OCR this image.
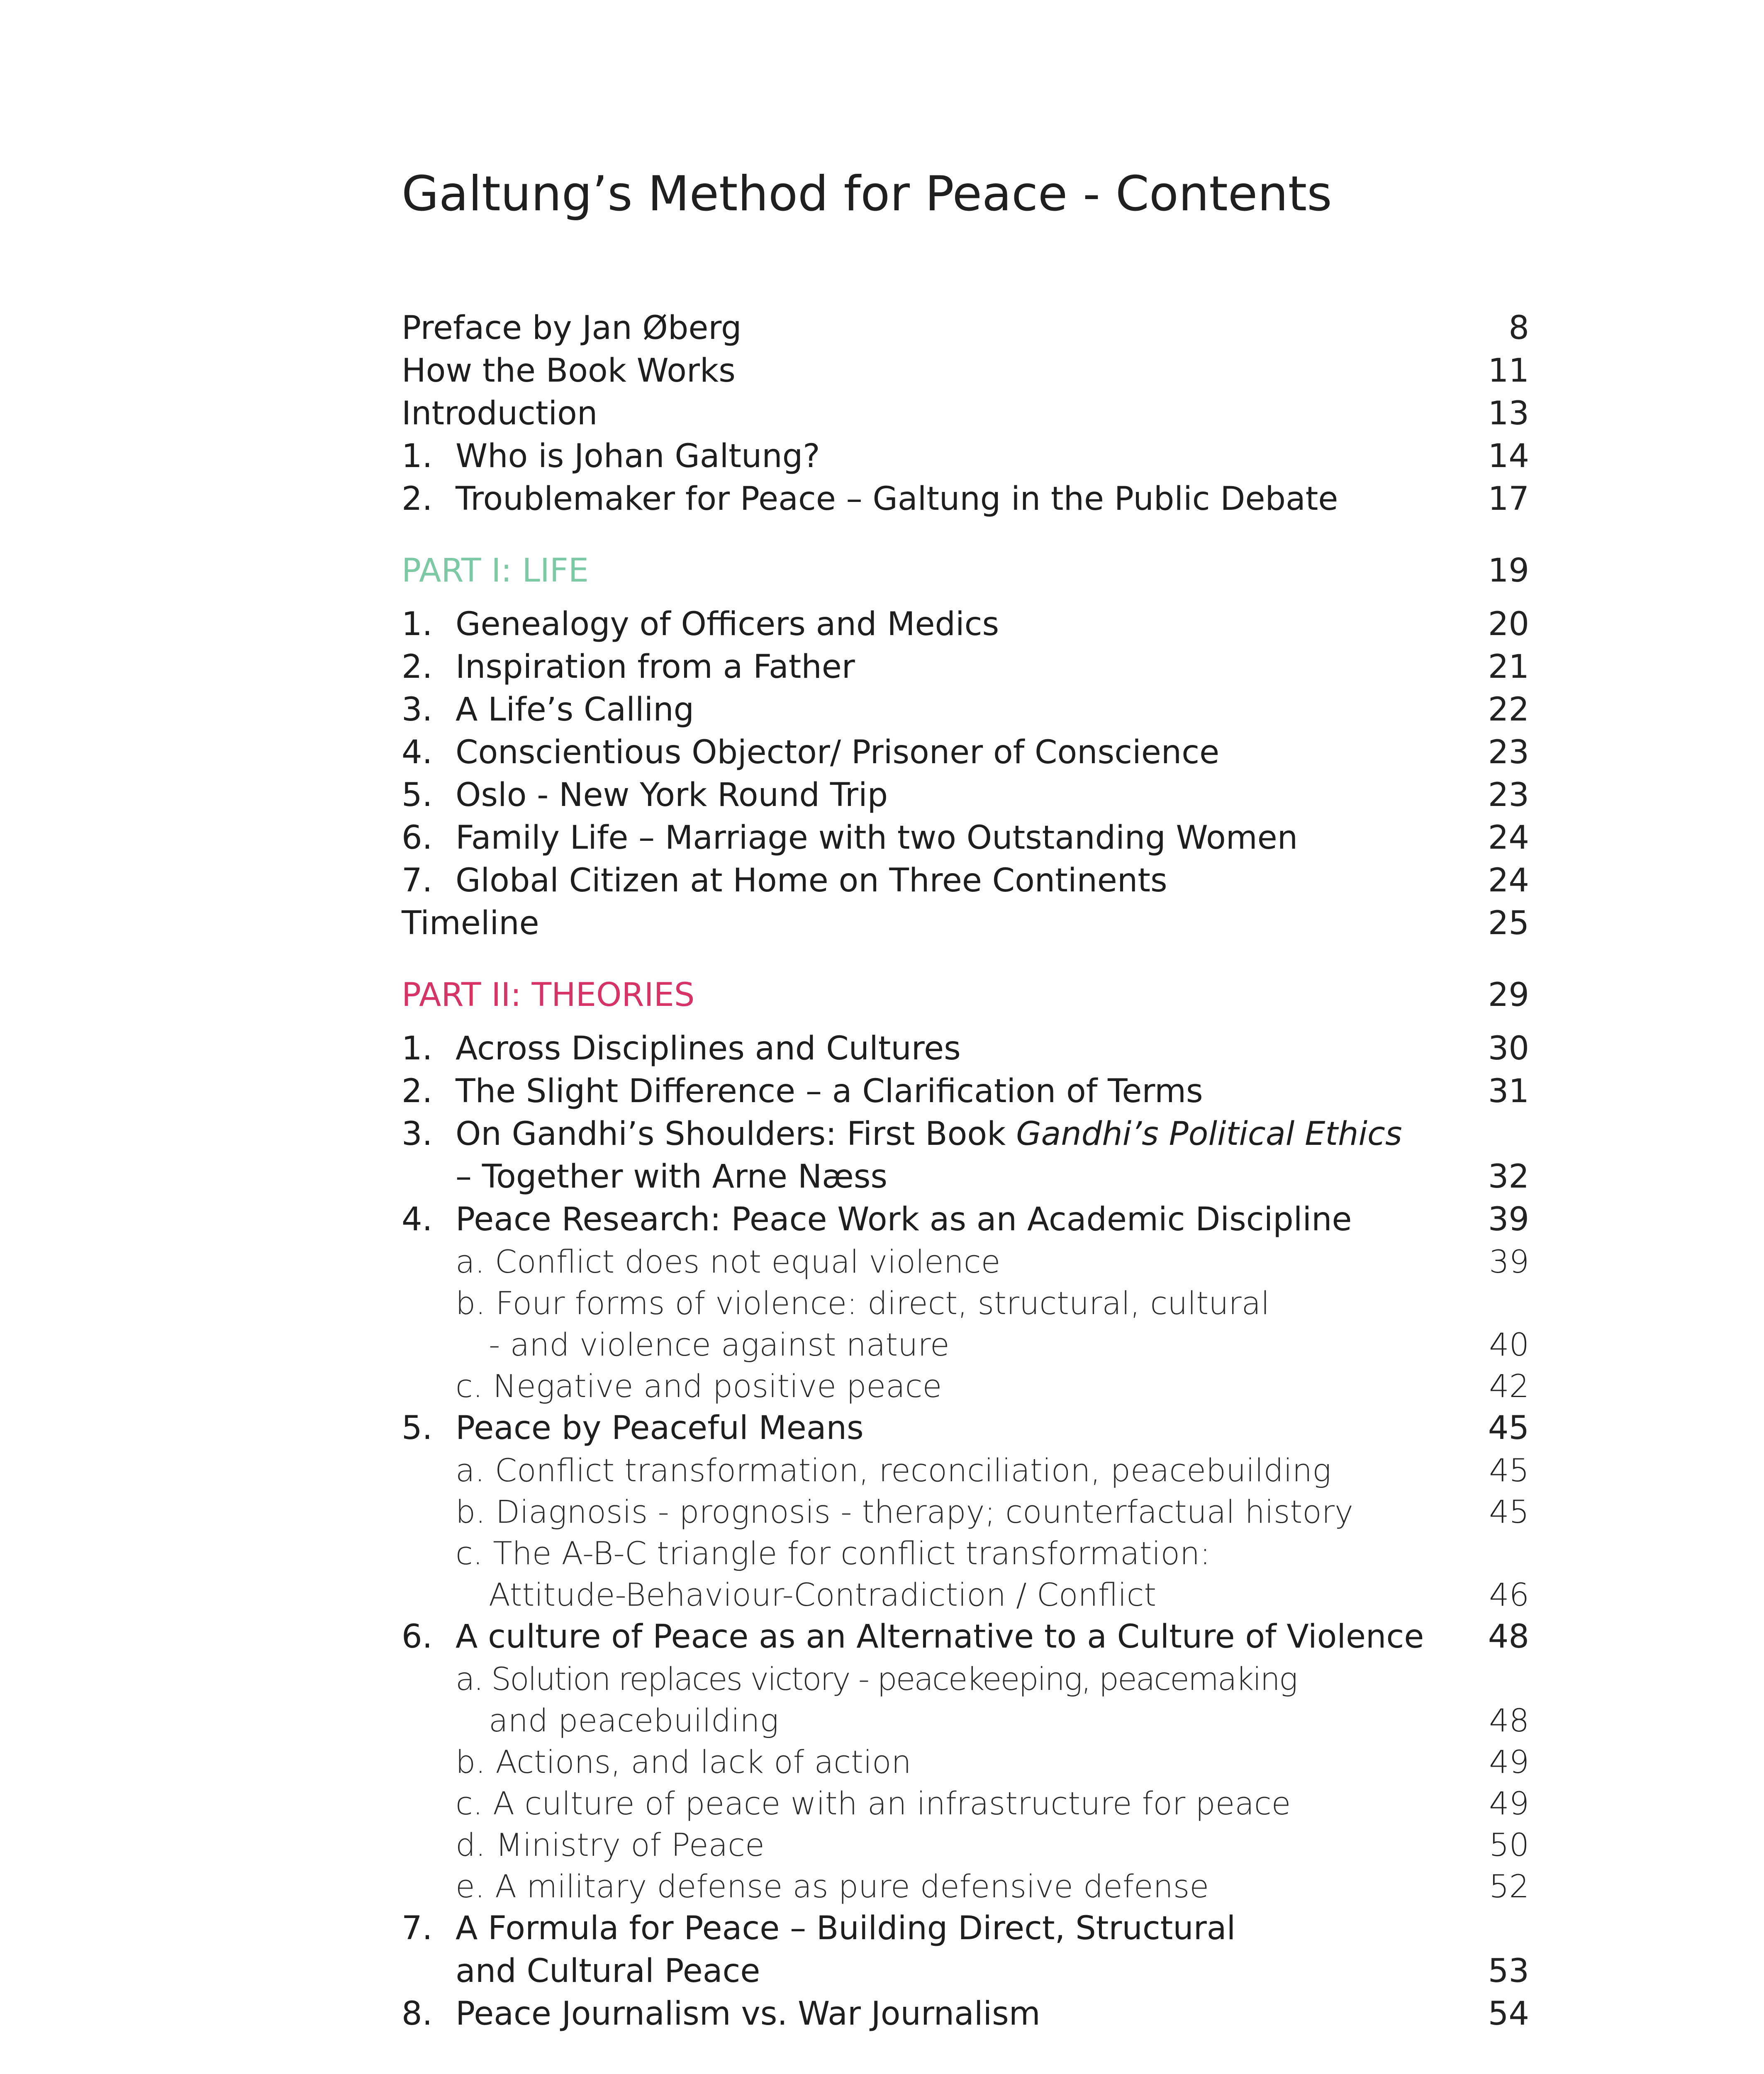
Galtung’s Method for Peace - Contents
Preface by Jan Øberg	8
How the Book Works	11
Introduction	13
1. Who is Johan Galtung?	14
2. Troublemaker for Peace – Galtung in the Public Debate	17
PART I: LIFE	19
1. Genealogy of Officers and Medics	20
2. Inspiration from a Father	21
3. A Life’s Calling	22
4. Conscientious Objector/ Prisoner of Conscience	23
5. Oslo - New York Round Trip	23
6. Family Life – Marriage with two Outstanding Women	24
7. Global Citizen at Home on Three Continents	24
Timeline	25
PART II: THEORIES	29
1. Across Disciplines and Cultures	30
2. The Slight Difference – a Clarification of Terms	31
3. On Gandhi’s Shoulders: First Book Gandhi’s Political Ethics
– Together with Arne Næss	32
4. Peace Research: Peace Work as an Academic Discipline	39
a. Conflict does not equal violence	39
b. Four forms of violence: direct, structural, cultural
- and violence against nature	40
c. Negative and positive peace	42
5. Peace by Peaceful Means	45
a. Conflict transformation, reconciliation, peacebuilding	45
b. Diagnosis - prognosis - therapy; counterfactual history	45
c. The A-B-C triangle for conflict transformation:
Attitude-Behaviour-Contradiction / Conflict	46
6. A culture of Peace as an Alternative to a Culture of Violence 48
a. Solution replaces victory - peacekeeping, peacemaking
and peacebuilding	48
b. Actions, and lack of action	49
c. A culture of peace with an infrastructure for peace	49
d. Ministry of Peace	50
e. A military defense as pure defensive defense	52
7. A Formula for Peace – Building Direct, Structural
and Cultural Peace	53
8. Peace Journalism vs. War Journalism	54
